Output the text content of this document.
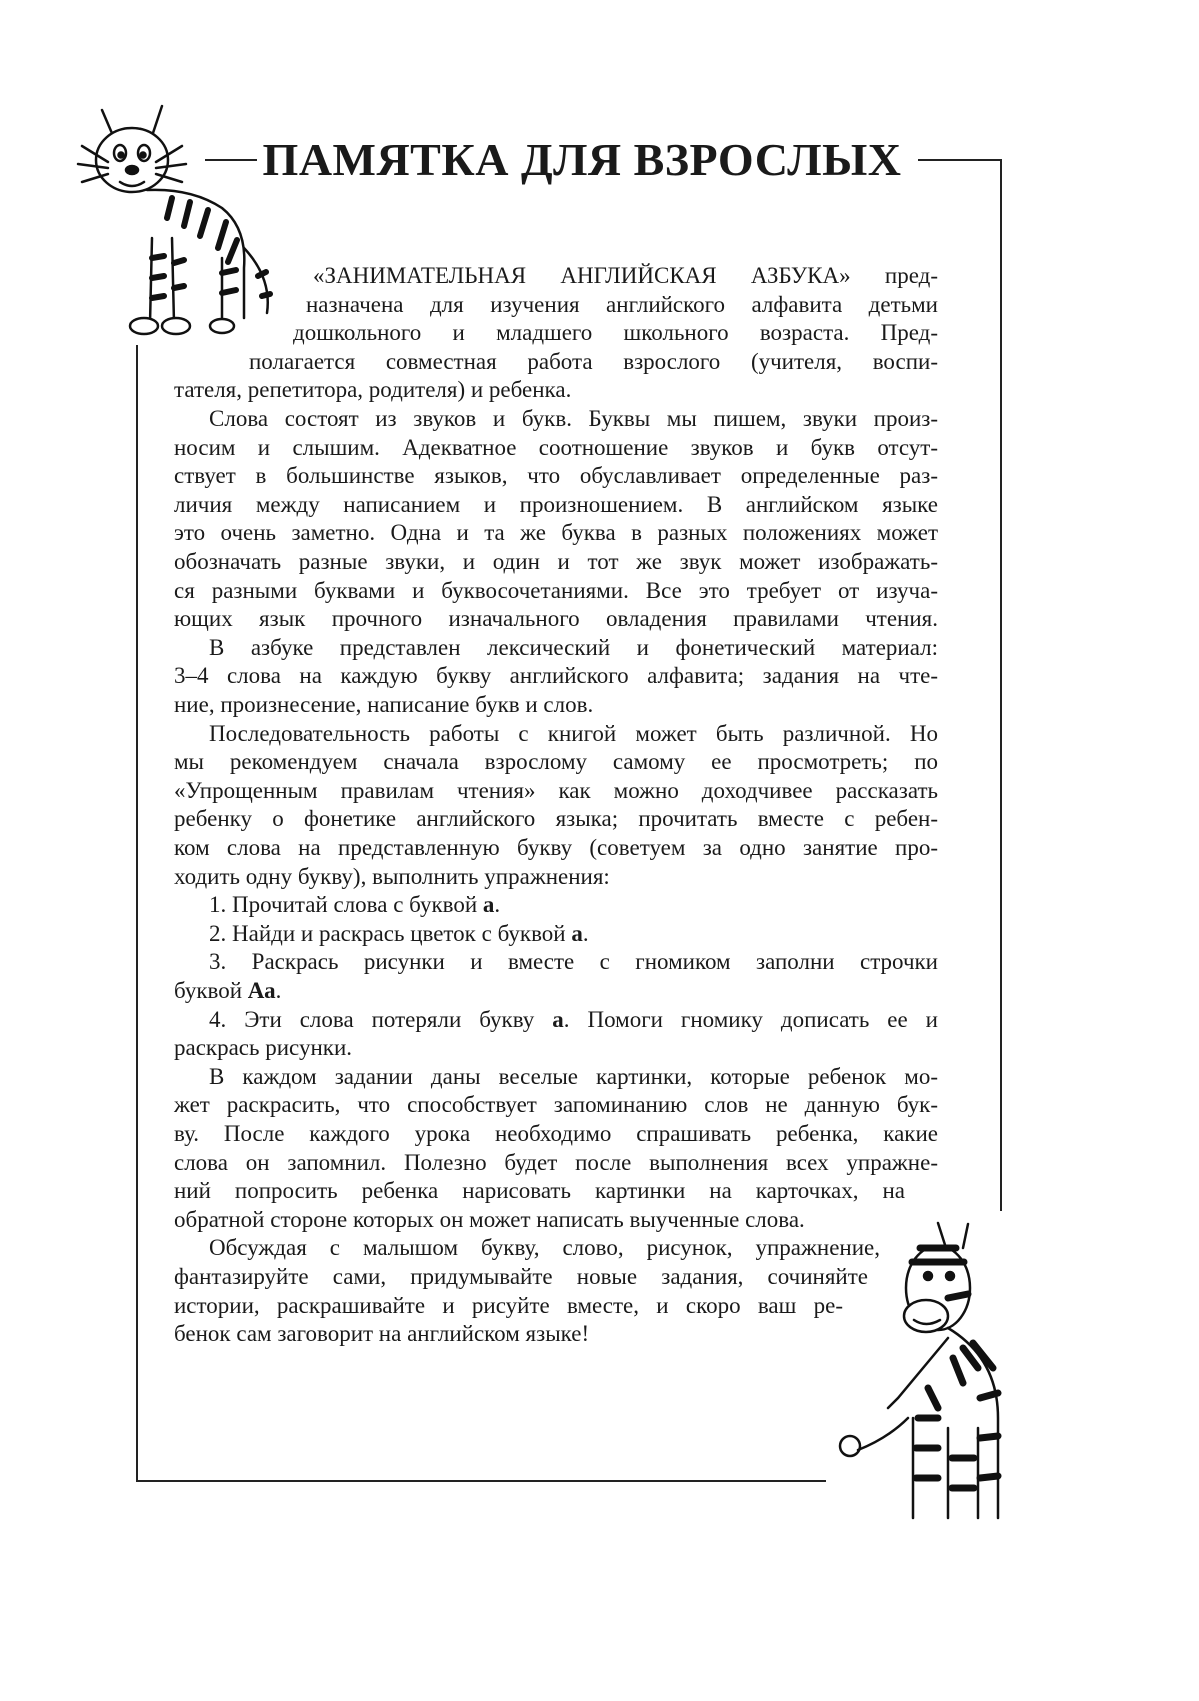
ПАМЯТКА ДЛЯ ВЗРОСЛЫХ
«ЗАНИМАТЕЛЬНАЯ АНГЛИЙСКАЯ АЗБУКА» пред-
назначена для изучения английского алфавита детьми
дошкольного и младшего школьного возраста. Пред-
полагается совместная работа взрослого (учителя, воспи-
тателя, репетитора, родителя) и ребенка.
Слова состоят из звуков и букв. Буквы мы пишем, звуки произ-
носим и слышим. Адекватное соотношение звуков и букв отсут-
ствует в большинстве языков, что обуславливает определенные раз-
личия между написанием и произношением. В английском языке
это очень заметно. Одна и та же буква в разных положениях может
обозначать разные звуки, и один и тот же звук может изображать-
ся разными буквами и буквосочетаниями. Все это требует от изуча-
ющих язык прочного изначального овладения правилами чтения.
В азбуке представлен лексический и фонетический материал:
3–4 слова на каждую букву английского алфавита; задания на чте-
ние, произнесение, написание букв и слов.
Последовательность работы с книгой может быть различной. Но
мы рекомендуем сначала взрослому самому ее просмотреть; по
«Упрощенным правилам чтения» как можно доходчивее рассказать
ребенку о фонетике английского языка; прочитать вместе с ребен-
ком слова на представленную букву (советуем за одно занятие про-
ходить одну букву), выполнить упражнения:
1. Прочитай слова с буквой а.
2. Найди и раскрась цветок с буквой а.
3. Раскрась рисунки и вместе с гномиком заполни строчки
буквой Аа.
4. Эти слова потеряли букву а. Помоги гномику дописать ее и
раскрась рисунки.
В каждом задании даны веселые картинки, которые ребенок мо-
жет раскрасить, что способствует запоминанию слов не данную бук-
ву. После каждого урока необходимо спрашивать ребенка, какие
слова он запомнил. Полезно будет после выполнения всех упражне-
ний попросить ребенка нарисовать картинки на карточках, на
обратной стороне которых он может написать выученные слова.
Обсуждая с малышом букву, слово, рисунок, упражнение,
фантазируйте сами, придумывайте новые задания, сочиняйте
истории, раскрашивайте и рисуйте вместе, и скоро ваш ре-
бенок сам заговорит на английском языке!
